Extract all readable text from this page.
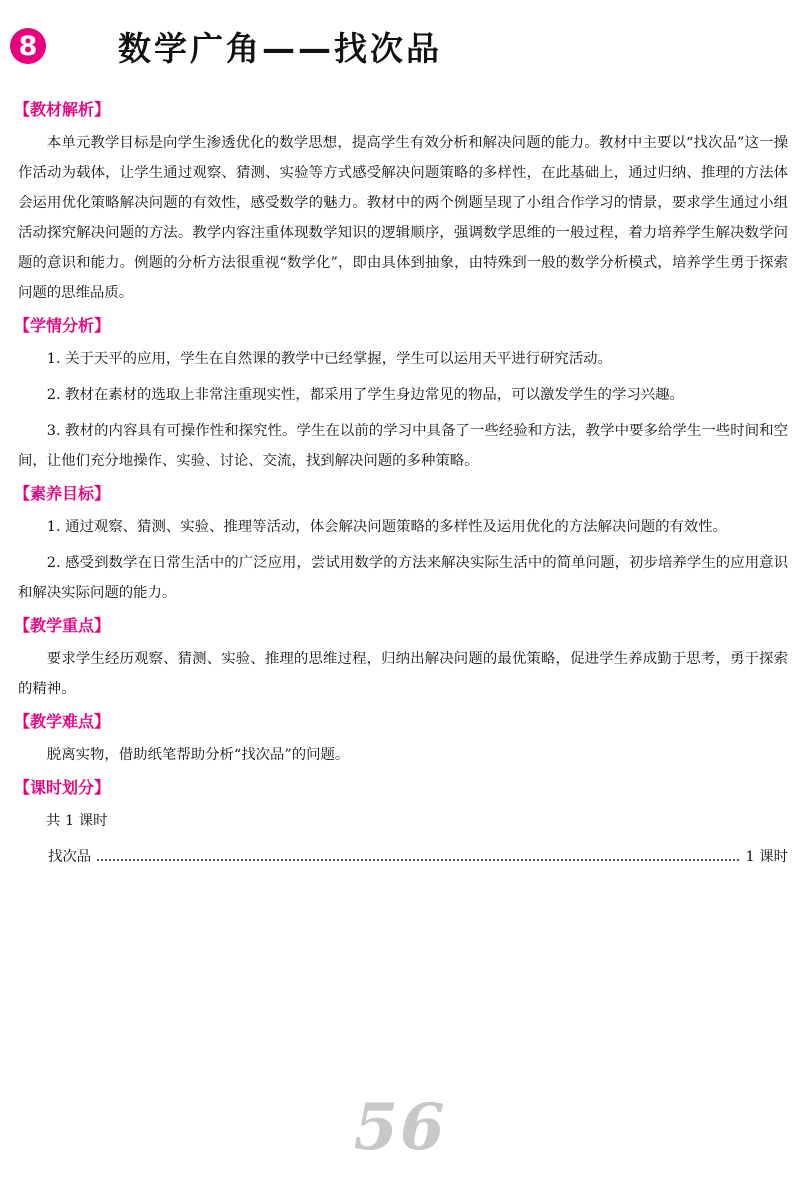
8 数学广角——找次品
【教材解析】

本单元教学目标是向学生渗透优化的数学思想，提高学生有效分析和解决问题的能力。教材中主要以“找次品”这一操作活动为载体，让学生通过观察、猜测、实验等方式感受解决问题策略的多样性，在此基础上，通过归纳、推理的方法体会运用优化策略解决问题的有效性，感受数学的魅力。教材中的两个例题呈现了小组合作学习的情景，要求学生通过小组活动探究解决问题的方法。教学内容注重体现数学知识的逻辑顺序，强调数学思维的一般过程，着力培养学生解决数学问题的意识和能力。例题的分析方法很重视“数学化”，即由具体到抽象，由特殊到一般的数学分析模式，培养学生勇于探索问题的思维品质。

【学情分析】

1. 关于天平的应用，学生在自然课的教学中已经掌握，学生可以运用天平进行研究活动。

2. 教材在素材的选取上非常注重现实性，都采用了学生身边常见的物品，可以激发学生的学习兴趣。

3. 教材的内容具有可操作性和探究性。学生在以前的学习中具备了一些经验和方法，教学中要多给学生一些时间和空间，让他们充分地操作、实验、讨论、交流，找到解决问题的多种策略。

【素养目标】

1. 通过观察、猜测、实验、推理等活动，体会解决问题策略的多样性及运用优化的方法解决问题的有效性。

2. 感受到数学在日常生活中的广泛应用，尝试用数学的方法来解决实际生活中的简单问题，初步培养学生的应用意识和解决实际问题的能力。

【教学重点】

要求学生经历观察、猜测、实验、推理的思维过程，归纳出解决问题的最优策略，促进学生养成勤于思考，勇于探索的精神。

【教学难点】

脱离实物，借助纸笔帮助分析“找次品”的问题。

【课时划分】
共 1 课时
找次品	1 课时
56
